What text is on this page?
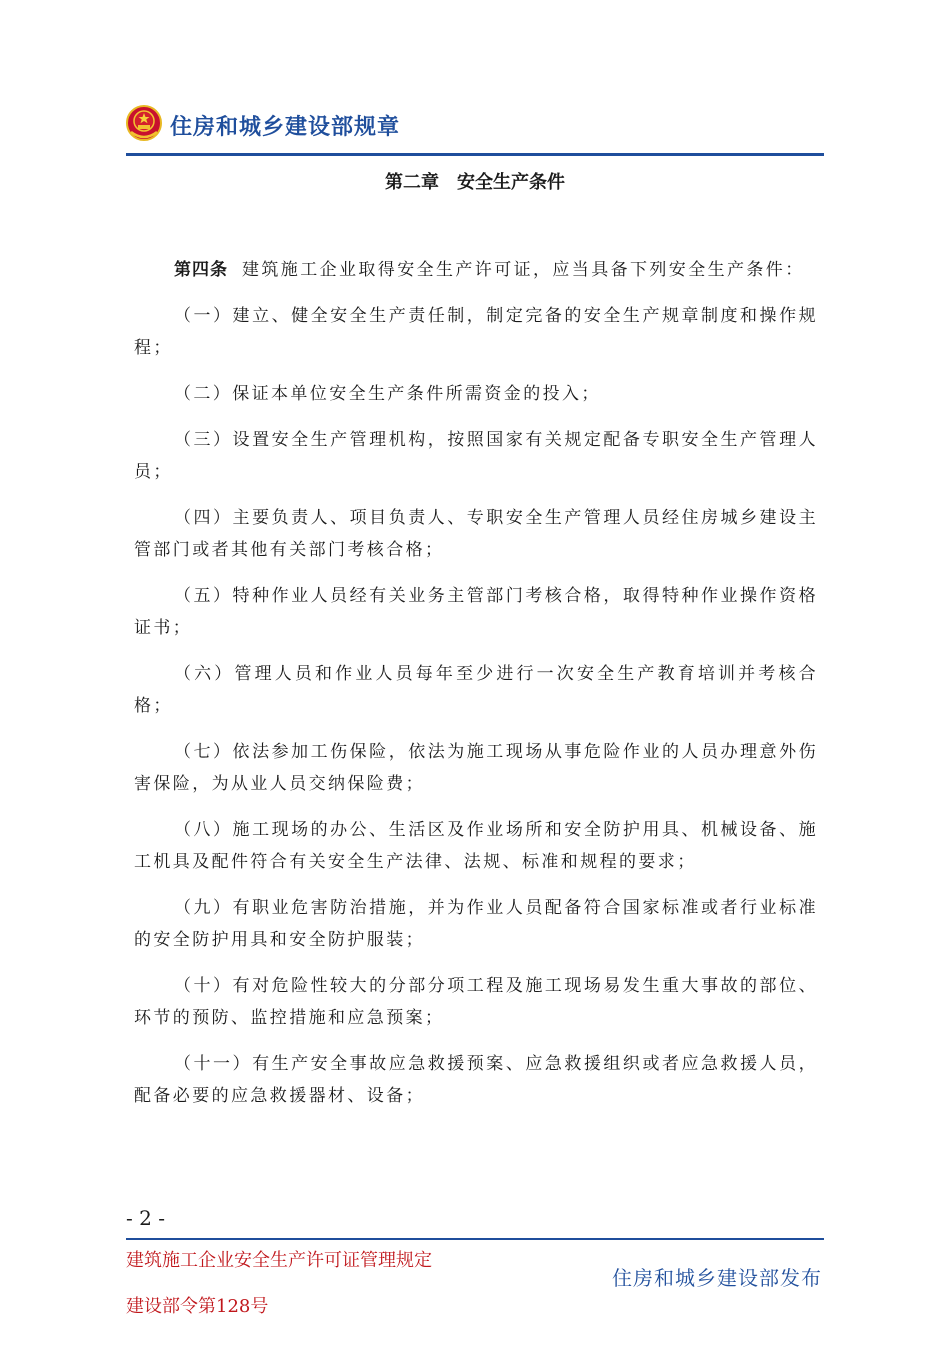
住房和城乡建设部规章
第二章　安全生产条件

第四条 建筑施工企业取得安全生产许可证，应当具备下列安全生产条件：

（一）建立、健全安全生产责任制，制定完备的安全生产规章制度和操作规程；

（二）保证本单位安全生产条件所需资金的投入；

（三）设置安全生产管理机构，按照国家有关规定配备专职安全生产管理人员；

（四）主要负责人、项目负责人、专职安全生产管理人员经住房城乡建设主管部门或者其他有关部门考核合格；

（五）特种作业人员经有关业务主管部门考核合格，取得特种作业操作资格证书；

（六）管理人员和作业人员每年至少进行一次安全生产教育培训并考核合格；

（七）依法参加工伤保险，依法为施工现场从事危险作业的人员办理意外伤害保险，为从业人员交纳保险费；

（八）施工现场的办公、生活区及作业场所和安全防护用具、机械设备、施工机具及配件符合有关安全生产法律、法规、标准和规程的要求；

（九）有职业危害防治措施，并为作业人员配备符合国家标准或者行业标准的安全防护用具和安全防护服装；

（十）有对危险性较大的分部分项工程及施工现场易发生重大事故的部位、环节的预防、监控措施和应急预案；

（十一）有生产安全事故应急救援预案、应急救援组织或者应急救援人员，配备必要的应急救援器材、设备；

- 2 -
建筑施工企业安全生产许可证管理规定
建设部令第128号
住房和城乡建设部发布
